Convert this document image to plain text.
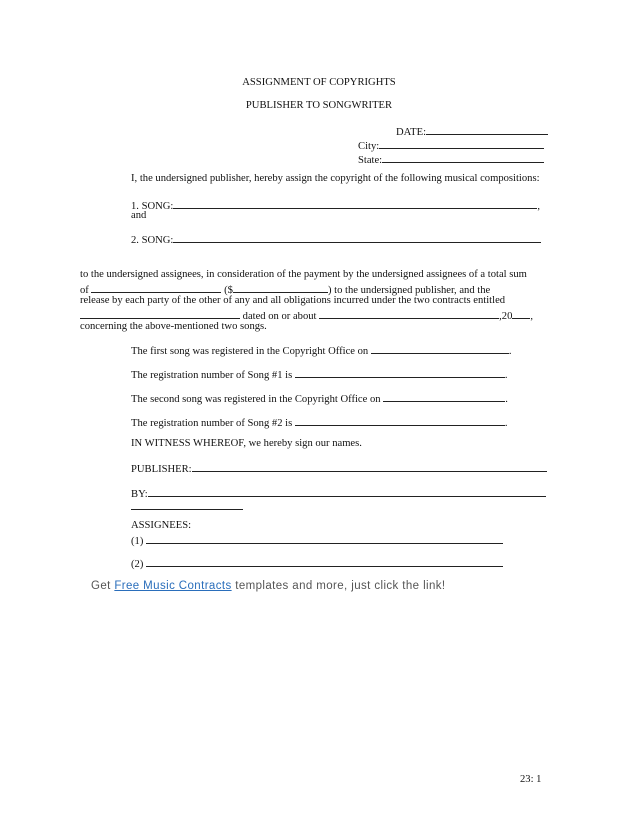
ASSIGNMENT OF COPYRIGHTS
PUBLISHER TO SONGWRITER
DATE:
City:
State:
I, the undersigned publisher, hereby assign the copyright of the following musical compositions:
1. SONG:	,
and
2. SONG:
to the undersigned assignees, in consideration of the payment by the undersigned assignees of a total sum
of	($	) to the undersigned publisher, and the
release by each party of the other of any and all obligations incurred under the two contracts entitled
dated on or about	,20 ,
concerning the above-mentioned two songs.
The first song was registered in the Copyright Office on	.
The registration number of Song #1 is	.
The second song was registered in the Copyright Office on	.
The registration number of Song #2 is	.
IN WITNESS WHEREOF, we hereby sign our names.
PUBLISHER:
BY:
ASSIGNEES:
(1)
(2)
Get Free Music Contracts templates and more, just click the link!
23: 1
